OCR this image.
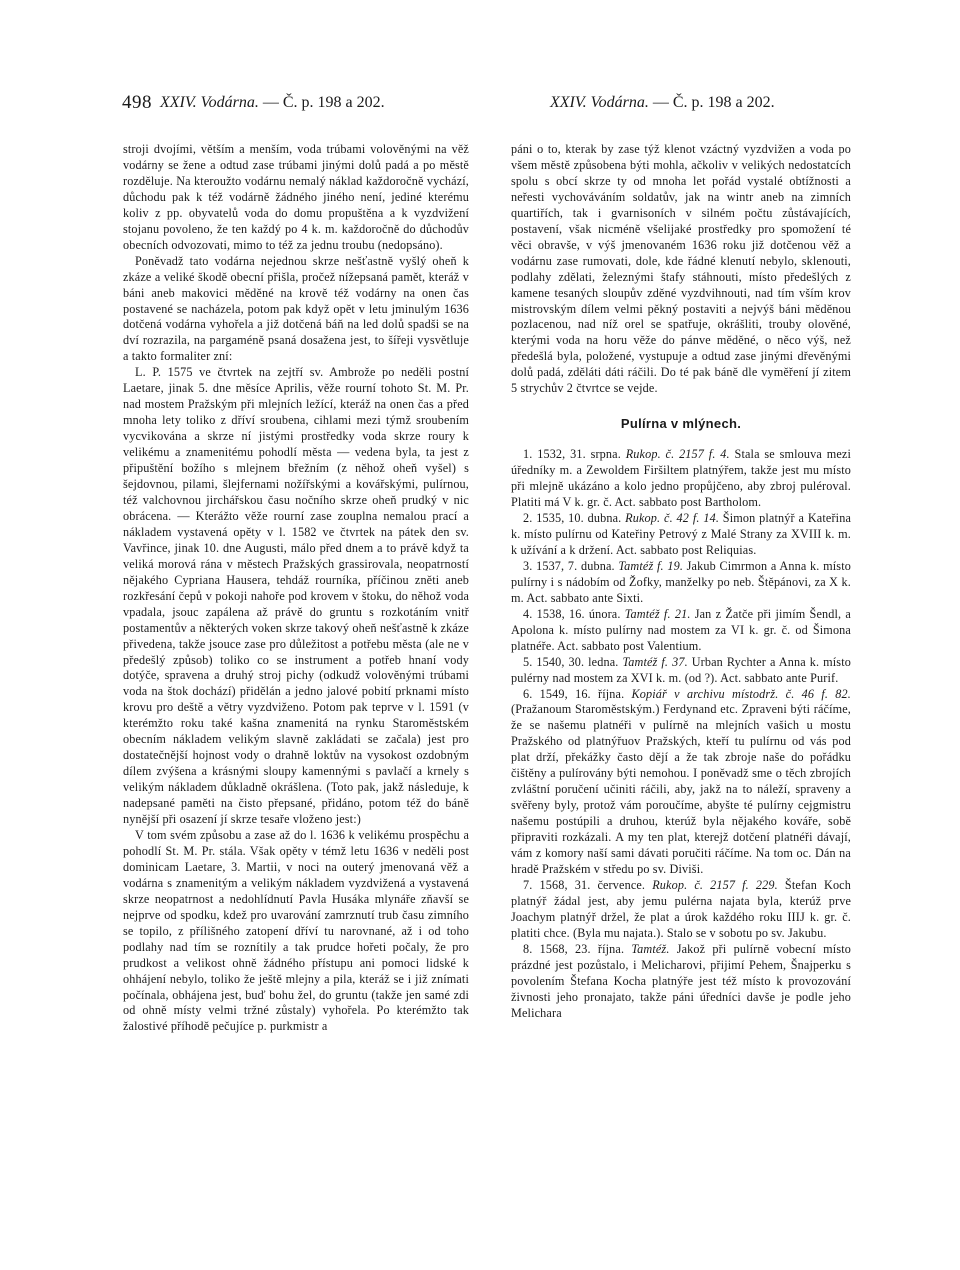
498 XXIV. Vodárna. — Č. p. 198 a 202.	XXIV. Vodárna. — Č. p. 198 a 202.

stroji dvojími, větším a menším, voda trúbami volověnými na věž vodárny se žene a odtud zase trúbami jinými dolů padá a po městě rozděluje. Na kteroužto vodárnu nemalý náklad každoročně vychází, důchodu pak k též vodárně žádného jiného není, jediné kterému koliv z pp. obyvatelů voda do domu propuštěna a k vyzdvižení stojanu povoleno, že ten každý po 4 k. m. každoročně do důchodův obecních odvozovati, mimo to též za jednu troubu (nedopsáno).

Poněvadž tato vodárna nejednou skrze nešťastně vyšlý oheň k zkáze a veliké škodě obecní přišla, pročež nížepsaná pamět, kteráž v báni aneb makovici měděné na krově též vodárny na onen čas postavené se nacházela, potom pak když opět v letu jminulým 1636 dotčená vodárna vyhořela a již dotčená báň na led dolů spadši se na dví rozrazila, na pargaméně psaná dosažena jest, to šířeji vysvětluje a takto formaliter zní:

L. P. 1575 ve čtvrtek na zejtří sv. Ambrože po neděli postní Laetare, jinak 5. dne měsíce Aprilis, věže rourní tohoto St. M. Pr. nad mostem Pražským při mlejních ležící, kteráž na onen čas a před mnoha lety toliko z dříví sroubena, cihlami mezi týmž sroubením vycvikována a skrze ní jistými prostředky voda skrze roury k velikému a znamenitému pohodlí města — vedena byla, ta jest z připuštění božího s mlejnem břežním (z něhož oheň vyšel) s šejdovnou, pilami, šlejfernami nožířskými a kovářskými, pulírnou, též valchovnou jirchářskou času nočního skrze oheň prudký v nic obrácena. — Kterážto věže rourní zase zouplna nemalou prací a nákladem vystavená opěty v l. 1582 ve čtvrtek na pátek den sv. Vavřince, jinak 10. dne Augusti, málo před dnem a to právě když ta veliká morová rána v městech Pražských grassirovala, neopatrností nějakého Cypriana Hausera, tehdáž rourníka, příčinou zněti aneb rozkřesání čepů v pokoji nahoře pod krovem v štoku, do něhož voda vpadala, jsouc zapálena až právě do gruntu s rozkotáním vnitř postamentův a některých voken skrze takový oheň nešťastně k zkáze přivedena, takže jsouce zase pro důležitost a potřebu města (ale ne v předešlý způsob) toliko co se instrument a potřeb hnaní vody dotýče, spravena a druhý stroj pichy (odkudž volověnými trúbami voda na štok dochází) přidělán a jedno jalové pobití prknami místo krovu pro deště a větry vyzdviženo. Potom pak teprve v l. 1591 (v kterémžto roku také kašna znamenitá na rynku Staroměstském obecním nákladem velikým slavně zakládati se začala) jest pro dostatečnější hojnost vody o drahně loktův na vysokost ozdobným dílem zvýšena a krásnými sloupy kamennými s pavlačí a krnely s velikým nákladem důkladně okrášlena. (Toto pak, jakž následuje, k nadepsané paměti na čisto přepsané, přidáno, potom též do báně nynější při osazení jí skrze tesaře vloženo jest:)

V tom svém způsobu a zase až do l. 1636 k velikému prospěchu a pohodlí St. M. Pr. stála. Však opěty v témž letu 1636 v neděli post dominicam Laetare, 3. Martii, v noci na outerý jmenovaná věž a vodárna s znamenitým a velikým nákladem vyzdvižená a vystavená skrze neopatrnost a nedohlídnutí Pavla Husáka mlynáře zňavší se nejprve od spodku, kdež pro uvarování zamrznutí trub času zimního se topilo, z přílišného zatopení dříví tu narovnané, až i od toho podlahy nad tím se roznítily a tak prudce hořeti počaly, že pro prudkost a velikost ohně žádného přístupu ani pomoci lidské k ohhájení nebylo, toliko že ještě mlejny a pila, kteráž se i již znímati počínala, obhájena jest, buď bohu žel, do gruntu (takže jen samé zdi od ohně místy velmi tržné zůstaly) vyhořela. Po kterémžto tak žalostivé příhodě pečujíce p. purkmistr a

páni o to, kterak by zase týž klenot vzáctný vyzdvižen a voda po všem městě způsobena býti mohla, ačkoliv v velikých nedostatcích spolu s obcí skrze ty od mnoha let pořád vystalé obtížnosti a neřesti vychováváním soldatův, jak na wintr aneb na zimních quartiřích, tak i gvarnisoních v silném počtu zůstávajících, postavení, však nicméně všelijaké prostředky pro spomožení té věci obravše, v výš jmenovaném 1636 roku již dotčenou věž a vodárnu zase rumovati, dole, kde řádné klenutí nebylo, sklenouti, podlahy zdělati, železnými štafy stáhnouti, místo předešlých z kamene tesaných sloupův zděné vyzdvihnouti, nad tím vším krov mistrovským dílem velmi pěkný postaviti a nejvýš báni měděnou pozlacenou, nad níž orel se spatřuje, okrášliti, trouby olověné, kterými voda na horu věže do pánve měděné, o něco výš, než předešlá byla, položené, vystupuje a odtud zase jinými dřevěnými dolů padá, zděláti dáti ráčili. Do té pak báně dle vyměření jí zitem 5 strychův 2 čtvrtce se vejde.

Pulírna v mlýnech.

1. 1532, 31. srpna. Rukop. č. 2157 f. 4. Stala se smlouva mezi úředníky m. a Zewoldem Firšiltem platnýřem, takže jest mu místo při mlejně ukázáno a kolo jedno propůjčeno, aby zbroj puléroval. Platiti má V k. gr. č. Act. sabbato post Bartholom.

2. 1535, 10. dubna. Rukop. č. 42 f. 14. Šimon platnýř a Kateřina k. místo pulírnu od Kateřiny Petrový z Malé Strany za XVIII k. m. k užívání a k držení. Act. sabbato post Reliquias.

3. 1537, 7. dubna. Tamtéž f. 19. Jakub Cimrmon a Anna k. místo pulírny i s nádobím od Žofky, manželky po neb. Štěpánovi, za X k. m. Act. sabbato ante Sixti.

4. 1538, 16. února. Tamtéž f. 21. Jan z Žatče při jimím Šendl, a Apolona k. místo pulírny nad mostem za VI k. gr. č. od Šimona platnéře. Act. sabbato post Valentium.

5. 1540, 30. ledna. Tamtéž f. 37. Urban Rychter a Anna k. místo pulérny nad mostem za XVI k. m. (od ?). Act. sabbato ante Purif.

6. 1549, 16. října. Kopiář v archivu místodrž. č. 46 f. 82. (Pražanoum Staroměstským.) Ferdynand etc. Zpraveni býti ráčíme, že se našemu platnéři v pulírně na mlejních vašich u mostu Pražského od platnýřuov Pražských, kteří tu pulírnu od vás pod plat drží, překážky často dějí a že tak zbroje naše do pořádku čištěny a pulírovány býti nemohou. I poněvadž sme o těch zbrojích zvláštní poručení učiniti ráčili, aby, jakž na to náleží, spraveny a svěřeny byly, protož vám poroučíme, abyšte té pulírny cejgmistru našemu postúpili a druhou, kterúž byla nějakého kováře, sobě připraviti rozkázali. A my ten plat, kterejž dotčení platnéři dávají, vám z komory naší sami dávati poručiti ráčíme. Na tom oc. Dán na hradě Pražském v středu po sv. Diviši.

7. 1568, 31. července. Rukop. č. 2157 f. 229. Štefan Koch platnýř žádal jest, aby jemu pulérna najata byla, kterúž prve Joachym platnýř držel, že plat a úrok každého roku IIIJ k. gr. č. platiti chce. (Byla mu najata.). Stalo se v sobotu po sv. Jakubu.

8. 1568, 23. října. Tamtéž. Jakož při pulírně vobecní místo prázdné jest pozůstalo, i Melicharovi, přijimí Pehem, Šnajperku s povolením Štefana Kocha platnýře jest též místo k provozování živnosti jeho pronajato, takže páni úředníci davše je podle jeho Melichara
